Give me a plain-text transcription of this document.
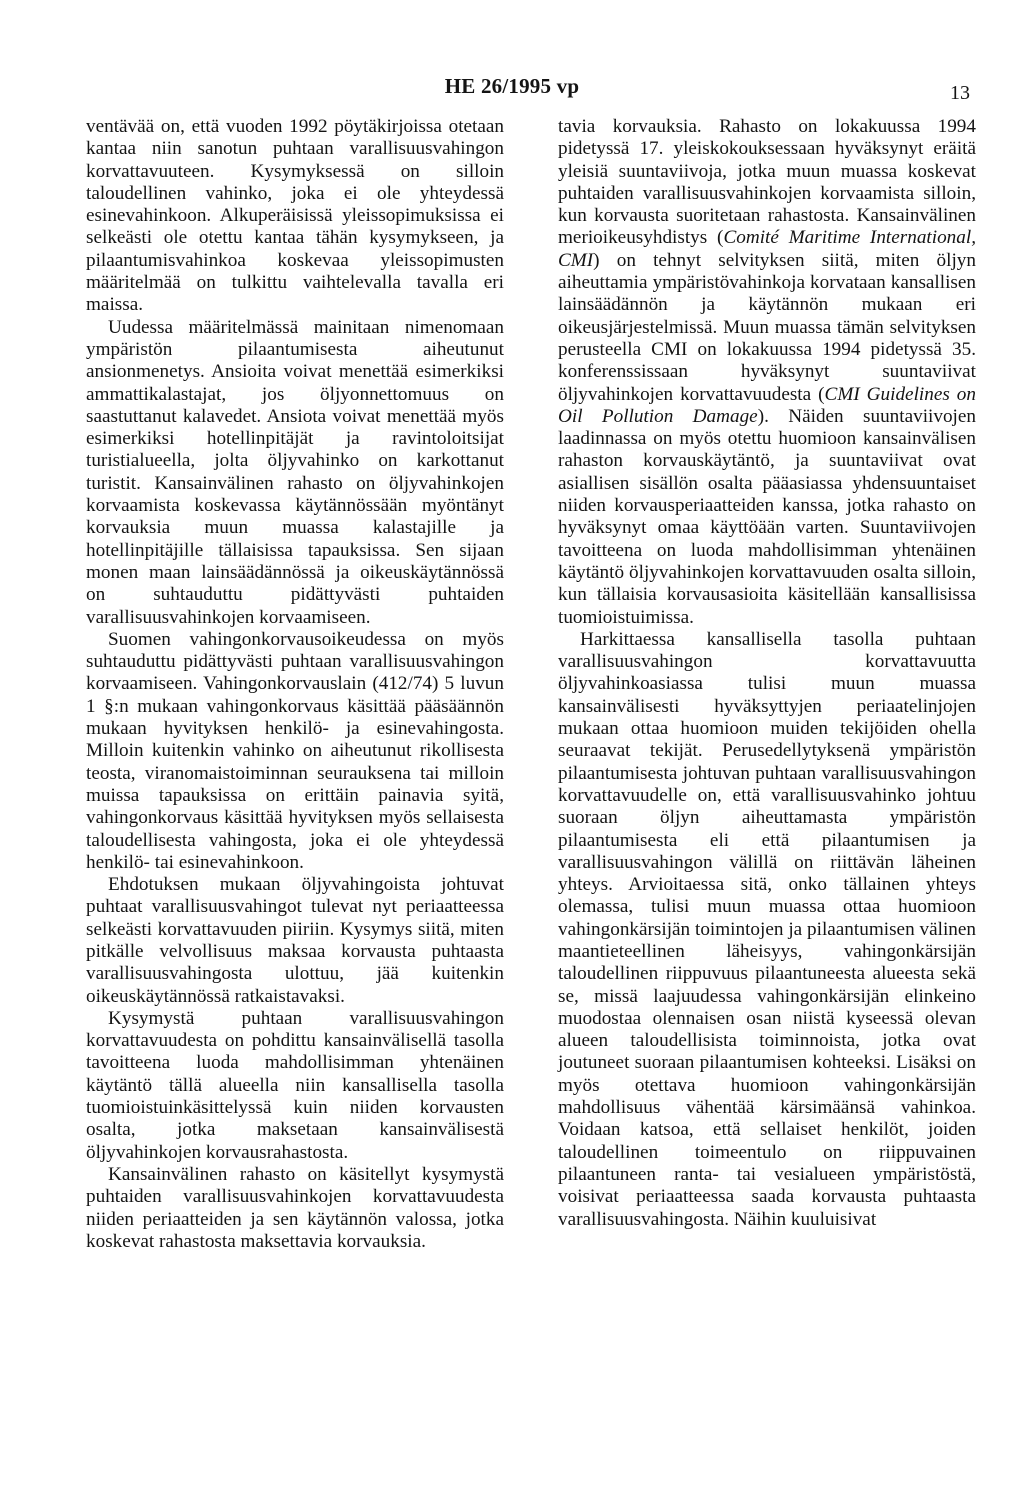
HE 26/1995 vp	13

ventävää on, että vuoden 1992 pöytäkirjoissa otetaan kantaa niin sanotun puhtaan varallisuusvahingon korvattavuuteen. Kysymyksessä on silloin taloudellinen vahinko, joka ei ole yhteydessä esinevahinkoon. Alkuperäisissä yleissopimuksissa ei selkeästi ole otettu kantaa tähän kysymykseen, ja pilaantumisvahinkoa koskevaa yleissopimusten määritelmää on tulkittu vaihtelevalla tavalla eri maissa.

Uudessa määritelmässä mainitaan nimenomaan ympäristön pilaantumisesta aiheutunut ansionmenetys. Ansioita voivat menettää esimerkiksi ammattikalastajat, jos öljyonnettomuus on saastuttanut kalavedet. Ansiota voivat menettää myös esimerkiksi hotellinpitäjät ja ravintoloitsijat turistialueella, jolta öljyvahinko on karkottanut turistit. Kansainvälinen rahasto on öljyvahinkojen korvaamista koskevassa käytännössään myöntänyt korvauksia muun muassa kalastajille ja hotellinpitäjille tällaisissa tapauksissa. Sen sijaan monen maan lainsäädännössä ja oikeuskäytännössä on suhtauduttu pidättyvästi puhtaiden varallisuusvahinkojen korvaamiseen.

Suomen vahingonkorvausoikeudessa on myös suhtauduttu pidättyvästi puhtaan varallisuusvahingon korvaamiseen. Vahingonkorvauslain (412/74) 5 luvun 1 §:n mukaan vahingonkorvaus käsittää pääsäännön mukaan hyvityksen henkilö- ja esinevahingosta. Milloin kuitenkin vahinko on aiheutunut rikollisesta teosta, viranomaistoiminnan seurauksena tai milloin muissa tapauksissa on erittäin painavia syitä, vahingonkorvaus käsittää hyvityksen myös sellaisesta taloudellisesta vahingosta, joka ei ole yhteydessä henkilö- tai esinevahinkoon.

Ehdotuksen mukaan öljyvahingoista johtuvat puhtaat varallisuusvahingot tulevat nyt periaatteessa selkeästi korvattavuuden piiriin. Kysymys siitä, miten pitkälle velvollisuus maksaa korvausta puhtaasta varallisuusvahingosta ulottuu, jää kuitenkin oikeuskäytännössä ratkaistavaksi.

Kysymystä puhtaan varallisuusvahingon korvattavuudesta on pohdittu kansainvälisellä tasolla tavoitteena luoda mahdollisimman yhtenäinen käytäntö tällä alueella niin kansallisella tasolla tuomioistuinkäsittelyssä kuin niiden korvausten osalta, jotka maksetaan kansainvälisestä öljyvahinkojen korvausrahastosta.

Kansainvälinen rahasto on käsitellyt kysymystä puhtaiden varallisuusvahinkojen korvattavuudesta niiden periaatteiden ja sen käytännön valossa, jotka koskevat rahastosta maksettavia korvauksia.

tavia korvauksia. Rahasto on lokakuussa 1994 pidetyssä 17. yleiskokouksessaan hyväksynyt eräitä yleisiä suuntaviivoja, jotka muun muassa koskevat puhtaiden varallisuusvahinkojen korvaamista silloin, kun korvausta suoritetaan rahastosta. Kansainvälinen merioikeusyhdistys (Comité Maritime International, CMI) on tehnyt selvityksen siitä, miten öljyn aiheuttamia ympäristövahinkoja korvataan kansallisen lainsäädännön ja käytännön mukaan eri oikeusjärjestelmissä. Muun muassa tämän selvityksen perusteella CMI on lokakuussa 1994 pidetyssä 35. konferenssissaan hyväksynyt suuntaviivat öljyvahinkojen korvattavuudesta (CMI Guidelines on Oil Pollution Damage). Näiden suuntaviivojen laadinnassa on myös otettu huomioon kansainvälisen rahaston korvauskäytäntö, ja suuntaviivat ovat asiallisen sisällön osalta pääasiassa yhdensuuntaiset niiden korvausperiaatteiden kanssa, jotka rahasto on hyväksynyt omaa käyttöään varten. Suuntaviivojen tavoitteena on luoda mahdollisimman yhtenäinen käytäntö öljyvahinkojen korvattavuuden osalta silloin, kun tällaisia korvausasioita käsitellään kansallisissa tuomioistuimissa.

Harkittaessa kansallisella tasolla puhtaan varallisuusvahingon korvattavuutta öljyvahinkoasiassa tulisi muun muassa kansainvälisesti hyväksyttyjen periaatelinjojen mukaan ottaa huomioon muiden tekijöiden ohella seuraavat tekijät. Perusedellytyksenä ympäristön pilaantumisesta johtuvan puhtaan varallisuusvahingon korvattavuudelle on, että varallisuusvahinko johtuu suoraan öljyn aiheuttamasta ympäristön pilaantumisesta eli että pilaantumisen ja varallisuusvahingon välillä on riittävän läheinen yhteys. Arvioitaessa sitä, onko tällainen yhteys olemassa, tulisi muun muassa ottaa huomioon vahingonkärsijän toimintojen ja pilaantumisen välinen maantieteellinen läheisyys, vahingonkärsijän taloudellinen riippuvuus pilaantuneesta alueesta sekä se, missä laajuudessa vahingonkärsijän elinkeino muodostaa olennaisen osan niistä kyseessä olevan alueen taloudellisista toiminnoista, jotka ovat joutuneet suoraan pilaantumisen kohteeksi. Lisäksi on myös otettava huomioon vahingonkärsijän mahdollisuus vähentää kärsimäänsä vahinkoa. Voidaan katsoa, että sellaiset henkilöt, joiden taloudellinen toimeentulo on riippuvainen pilaantuneen ranta- tai vesialueen ympäristöstä, voisivat periaatteessa saada korvausta puhtaasta varallisuusvahingosta. Näihin kuuluisivat
